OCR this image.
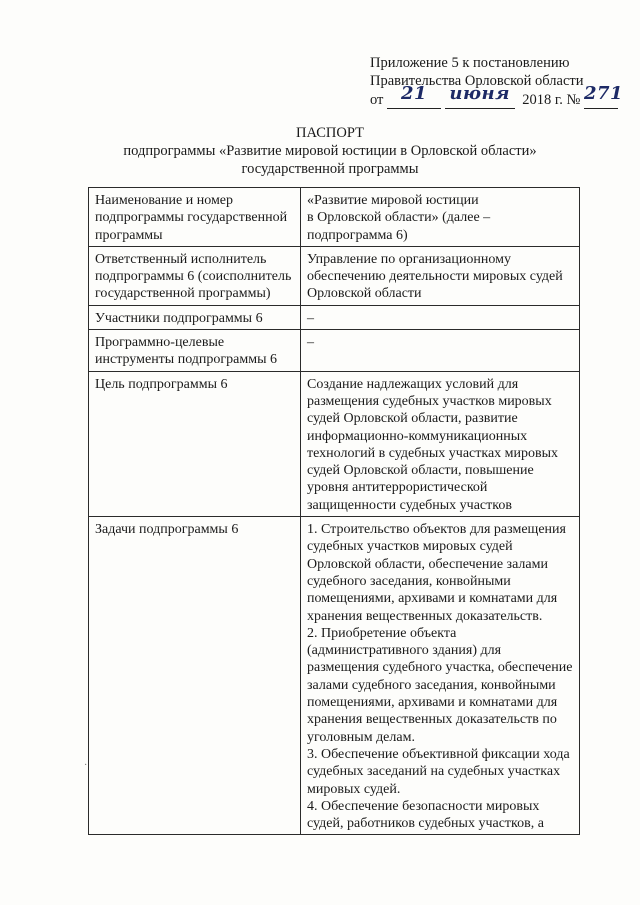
Приложение 5 к постановлению
Правительства Орловской области
от 21 июня 2018 г. № 271
ПАСПОРТ
подпрограммы «Развитие мировой юстиции в Орловской области»
государственной программы
Наименование и номер подпрограммы государственной программы	«Развитие мировой юстиции
в Орловской области» (далее –
подпрограмма 6)

Ответственный исполнитель подпрограммы 6 (соисполнитель государственной программы)	Управление по организационному обеспечению деятельности мировых судей Орловской области

Участники подпрограммы 6	–

Программно-целевые инструменты подпрограммы 6	–

Цель подпрограммы 6	Создание надлежащих условий для размещения судебных участков мировых судей Орловской области, развитие информационно-коммуникационных технологий в судебных участках мировых судей Орловской области, повышение уровня антитеррористической защищенности судебных участков

Задачи подпрограммы 6	1. Строительство объектов для размещения судебных участков мировых судей Орловской области, обеспечение залами судебного заседания, конвойными помещениями, архивами и комнатами для хранения вещественных доказательств.
2. Приобретение объекта (административного здания) для размещения судебного участка, обеспечение залами судебного заседания, конвойными помещениями, архивами и комнатами для хранения вещественных доказательств по уголовным делам.
3. Обеспечение объективной фиксации хода судебных заседаний на судебных участках мировых судей.
4. Обеспечение безопасности мировых судей, работников судебных участков, а
·
